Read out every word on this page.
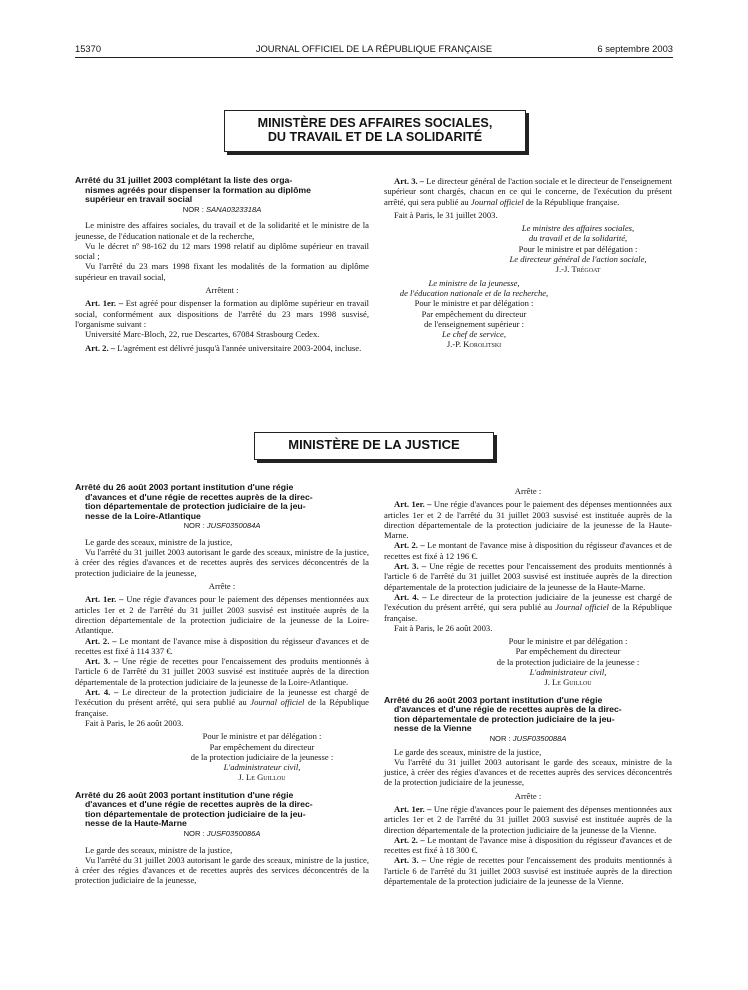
15370	JOURNAL OFFICIEL DE LA RÉPUBLIQUE FRANÇAISE	6 septembre 2003
MINISTÈRE DES AFFAIRES SOCIALES,
DU TRAVAIL ET DE LA SOLIDARITÉ

Arrêté du 31 juillet 2003 complétant la liste des orga-
nismes agréés pour dispenser la formation au diplôme
supérieur en travail social

NOR : SANA0323318A

Le ministre des affaires sociales, du travail et de la solidarité et le ministre de la jeunesse, de l'éducation nationale et de la recherche,

Vu le décret nº 98-162 du 12 mars 1998 relatif au diplôme supérieur en travail social ;

Vu l'arrêté du 23 mars 1998 fixant les modalités de la formation au diplôme supérieur en travail social,

Arrêtent :

Art. 1er. – Est agréé pour dispenser la formation au diplôme supérieur en travail social, conformément aux dispositions de l'arrêté du 23 mars 1998 susvisé, l'organisme suivant :

Université Marc-Bloch, 22, rue Descartes, 67084 Strasbourg Cedex.

Art. 2. – L'agrément est délivré jusqu'à l'année universitaire 2003-2004, incluse.

Art. 3. – Le directeur général de l'action sociale et le directeur de l'enseignement supérieur sont chargés, chacun en ce qui le concerne, de l'exécution du présent arrêté, qui sera publié au Journal officiel de la République française.

Fait à Paris, le 31 juillet 2003.

Le ministre des affaires sociales,

du travail et de la solidarité,

Pour le ministre et par délégation :

Le directeur général de l'action sociale,

J.-J. Trégoat

Le ministre de la jeunesse,

de l'éducation nationale et de la recherche,

Pour le ministre et par délégation :

Par empêchement du directeur

de l'enseignement supérieur :

Le chef de service,

J.-P. Korolitski

MINISTÈRE DE LA JUSTICE

Arrêté du 26 août 2003 portant institution d'une régie
d'avances et d'une régie de recettes auprès de la direc-
tion départementale de protection judiciaire de la jeu-
nesse de la Loire-Atlantique

NOR : JUSF0350084A

Le garde des sceaux, ministre de la justice,

Vu l'arrêté du 31 juillet 2003 autorisant le garde des sceaux, ministre de la justice, à créer des régies d'avances et de recettes auprès des services déconcentrés de la protection judiciaire de la jeunesse,

Arrête :

Art. 1er. – Une régie d'avances pour le paiement des dépenses mentionnées aux articles 1er et 2 de l'arrêté du 31 juillet 2003 susvisé est instituée auprès de la direction départementale de la protection judiciaire de la jeunesse de la Loire-Atlantique.

Art. 2. – Le montant de l'avance mise à disposition du régisseur d'avances et de recettes est fixé à 114 337 €.

Art. 3. – Une régie de recettes pour l'encaissement des produits mentionnés à l'article 6 de l'arrêté du 31 juillet 2003 susvisé est instituée auprès de la direction départementale de la protection judiciaire de la jeunesse de la Loire-Atlantique.

Art. 4. – Le directeur de la protection judiciaire de la jeunesse est chargé de l'exécution du présent arrêté, qui sera publié au Journal officiel de la République française.

Fait à Paris, le 26 août 2003.

Pour le ministre et par délégation :

Par empêchement du directeur

de la protection judiciaire de la jeunesse :

L'administrateur civil,

J. Le Guillou

Arrêté du 26 août 2003 portant institution d'une régie
d'avances et d'une régie de recettes auprès de la direc-
tion départementale de protection judiciaire de la jeu-
nesse de la Haute-Marne

NOR : JUSF0350086A

Le garde des sceaux, ministre de la justice,

Vu l'arrêté du 31 juillet 2003 autorisant le garde des sceaux, ministre de la justice, à créer des régies d'avances et de recettes auprès des services déconcentrés de la protection judiciaire de la jeunesse,

Arrête :

Art. 1er. – Une régie d'avances pour le paiement des dépenses mentionnées aux articles 1er et 2 de l'arrêté du 31 juillet 2003 susvisé est instituée auprès de la direction départementale de la protection judiciaire de la jeunesse de la Haute-Marne.

Art. 2. – Le montant de l'avance mise à disposition du régisseur d'avances et de recettes est fixé à 12 196 €.

Art. 3. – Une régie de recettes pour l'encaissement des produits mentionnés à l'article 6 de l'arrêté du 31 juillet 2003 susvisé est instituée auprès de la direction départementale de la protection judiciaire de la jeunesse de la Haute-Marne.

Art. 4. – Le directeur de la protection judiciaire de la jeunesse est chargé de l'exécution du présent arrêté, qui sera publié au Journal officiel de la République française.

Fait à Paris, le 26 août 2003.

Pour le ministre et par délégation :

Par empêchement du directeur

de la protection judiciaire de la jeunesse :

L'administrateur civil,

J. Le Guillou

Arrêté du 26 août 2003 portant institution d'une régie
d'avances et d'une régie de recettes auprès de la direc-
tion départementale de protection judiciaire de la jeu-
nesse de la Vienne

NOR : JUSF0350088A

Le garde des sceaux, ministre de la justice,

Vu l'arrêté du 31 juillet 2003 autorisant le garde des sceaux, ministre de la justice, à créer des régies d'avances et de recettes auprès des services déconcentrés de la protection judiciaire de la jeunesse,

Arrête :

Art. 1er. – Une régie d'avances pour le paiement des dépenses mentionnées aux articles 1er et 2 de l'arrêté du 31 juillet 2003 susvisé est instituée auprès de la direction départementale de la protection judiciaire de la jeunesse de la Vienne.

Art. 2. – Le montant de l'avance mise à disposition du régisseur d'avances et de recettes est fixé à 18 300 €.

Art. 3. – Une régie de recettes pour l'encaissement des produits mentionnés à l'article 6 de l'arrêté du 31 juillet 2003 susvisé est instituée auprès de la direction départementale de la protection judiciaire de la jeunesse de la Vienne.
